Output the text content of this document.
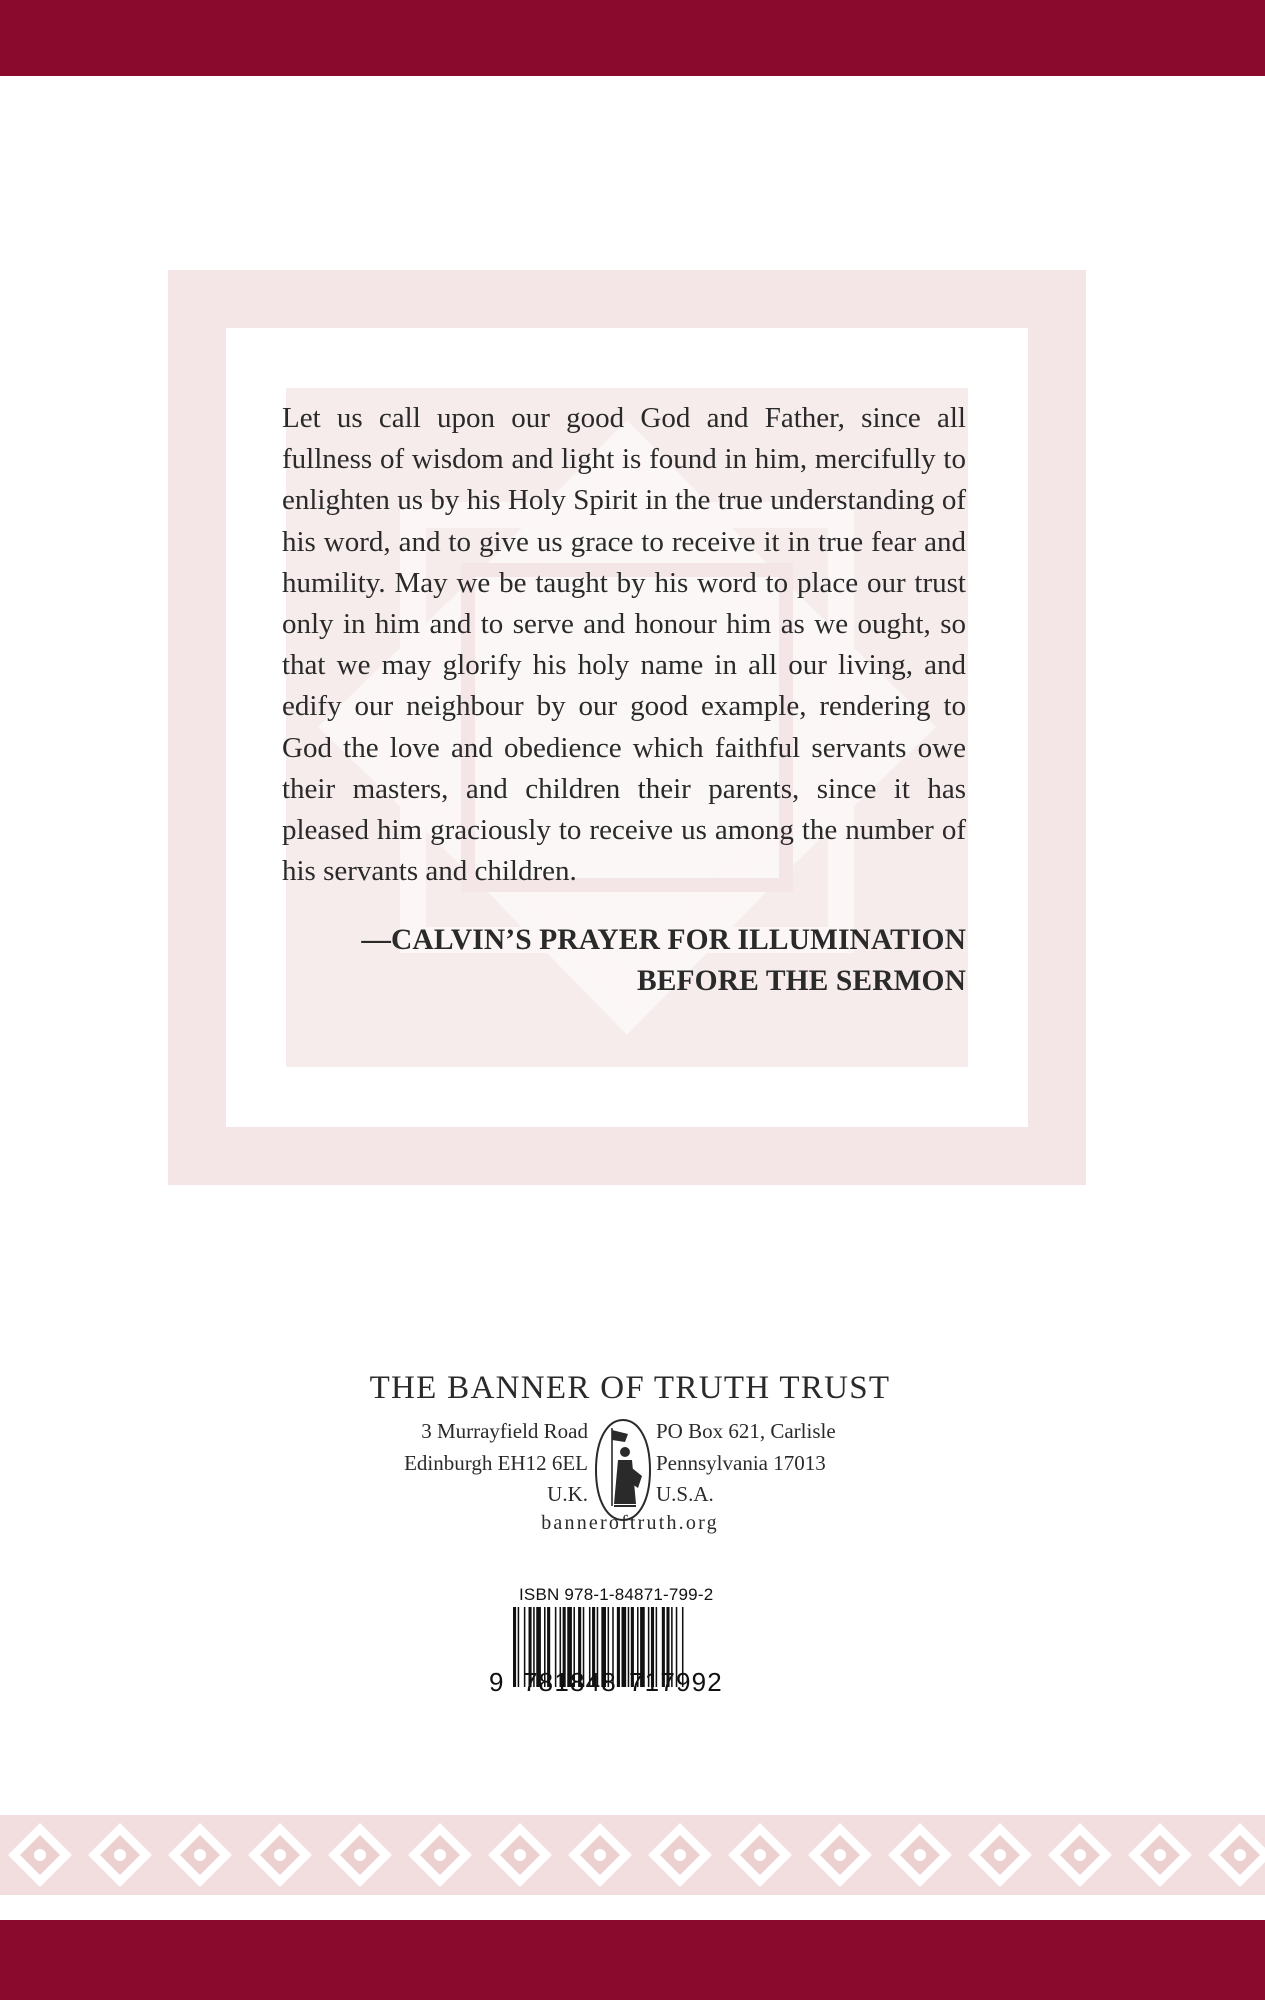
Let us call upon our good God and Father, since all fullness of wisdom and light is found in him, mercifully to enlighten us by his Holy Spirit in the true understanding of his word, and to give us grace to receive it in true fear and humility. May we be taught by his word to place our trust only in him and to serve and honour him as we ought, so that we may glorify his holy name in all our living, and edify our neighbour by our good example, rendering to God the love and obedience which faithful servants owe their masters, and children their parents, since it has pleased him graciously to receive us among the number of his servants and children.

—CALVIN’S PRAYER FOR ILLUMINATION
BEFORE THE SERMON

THE BANNER OF TRUTH TRUST
3 Murrayfield Road
Edinburgh EH12 6EL
U.K.
PO Box 621, Carlisle
Pennsylvania 17013
U.S.A.
banneroftruth.org
ISBN 978-1-84871-799-2
9 781848 717992
